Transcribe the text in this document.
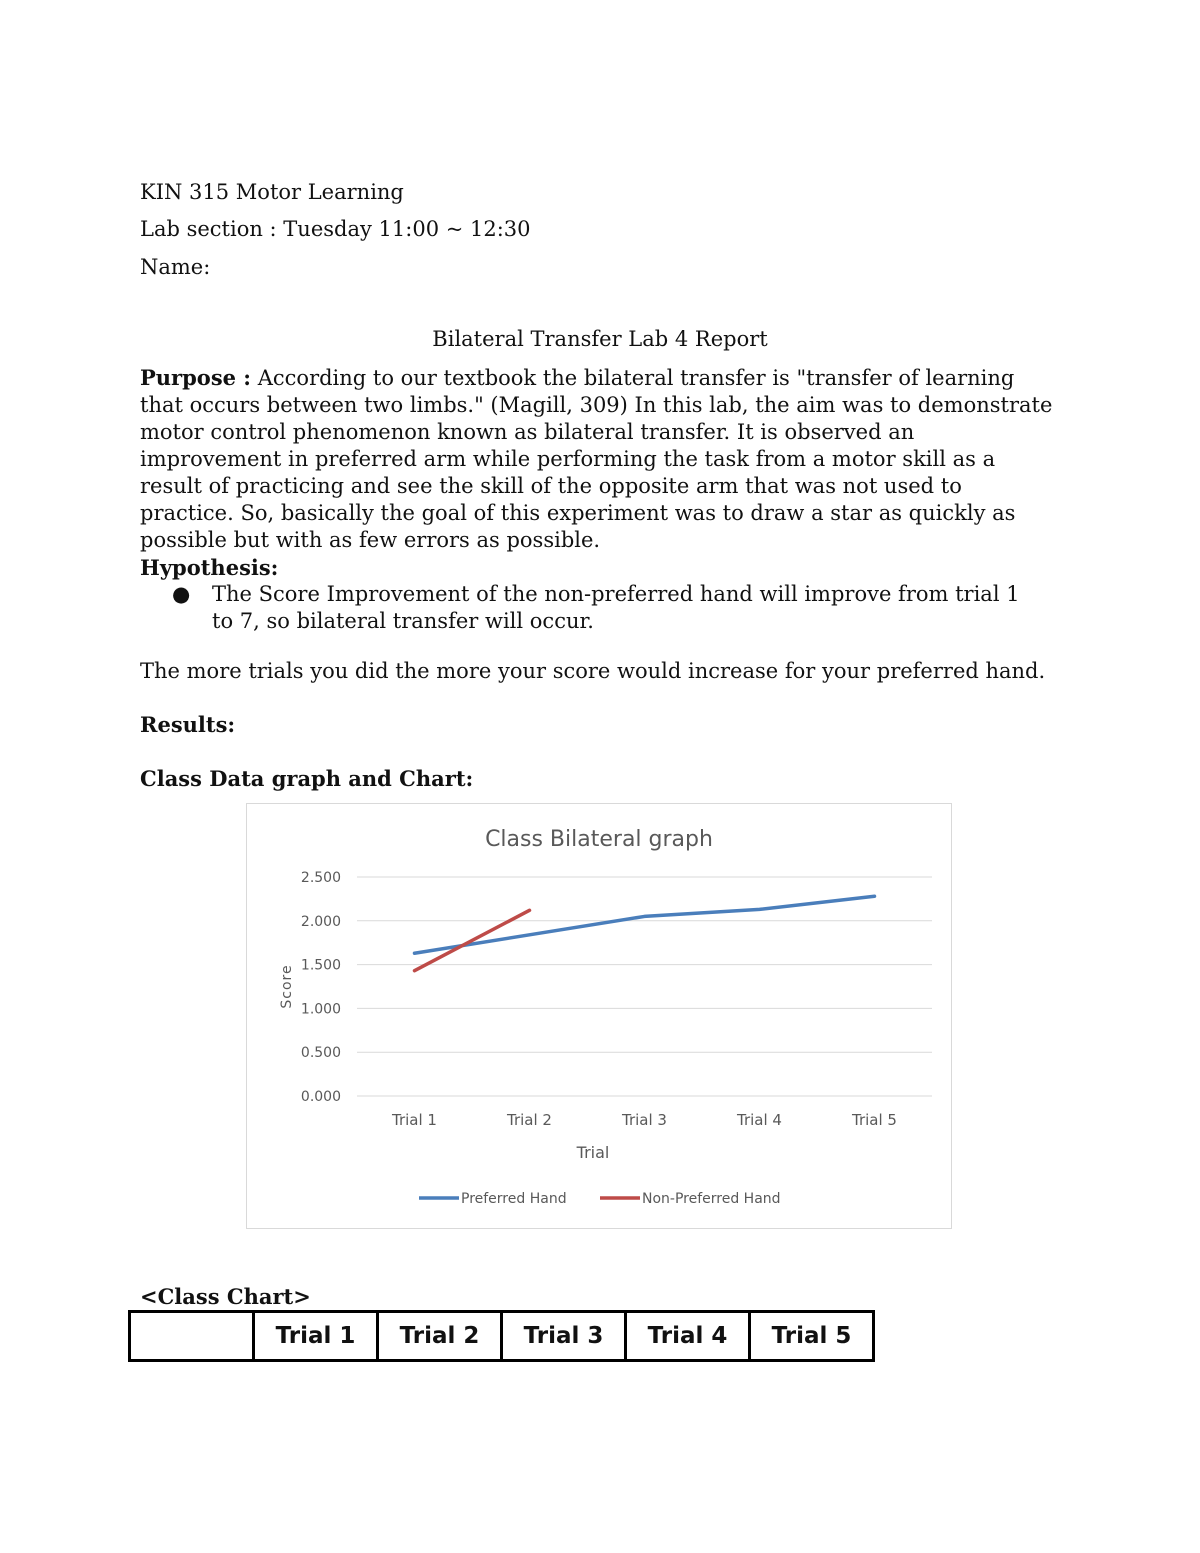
KIN 315 Motor Learning
Lab section : Tuesday 11:00 ~ 12:30
Name:
Bilateral Transfer Lab 4 Report
Purpose : According to our textbook the bilateral transfer is "transfer of learning that occurs between two limbs." (Magill, 309) In this lab, the aim was to demonstrate motor control phenomenon known as bilateral transfer. It is observed an improvement in preferred arm while performing the task from a motor skill as a result of practicing and see the skill of the opposite arm that was not used to practice. So, basically the goal of this experiment was to draw a star as quickly as possible but with as few errors as possible.
Hypothesis:
● The Score Improvement of the non-preferred hand will improve from trial 1 to 7, so bilateral transfer will occur.
The more trials you did the more your score would increase for your preferred hand.
Results:
Class Data graph and Chart:
Class Bilateral graph
0.000
0.500
1.000
1.500
2.000
2.500
Trial 1	Trial 2	Trial 3	Trial 4	Trial 5
Trial
Score
Preferred Hand	Non-Preferred Hand
<Class Chart>
	Trial 1	Trial 2	Trial 3	Trial 4	Trial 5
